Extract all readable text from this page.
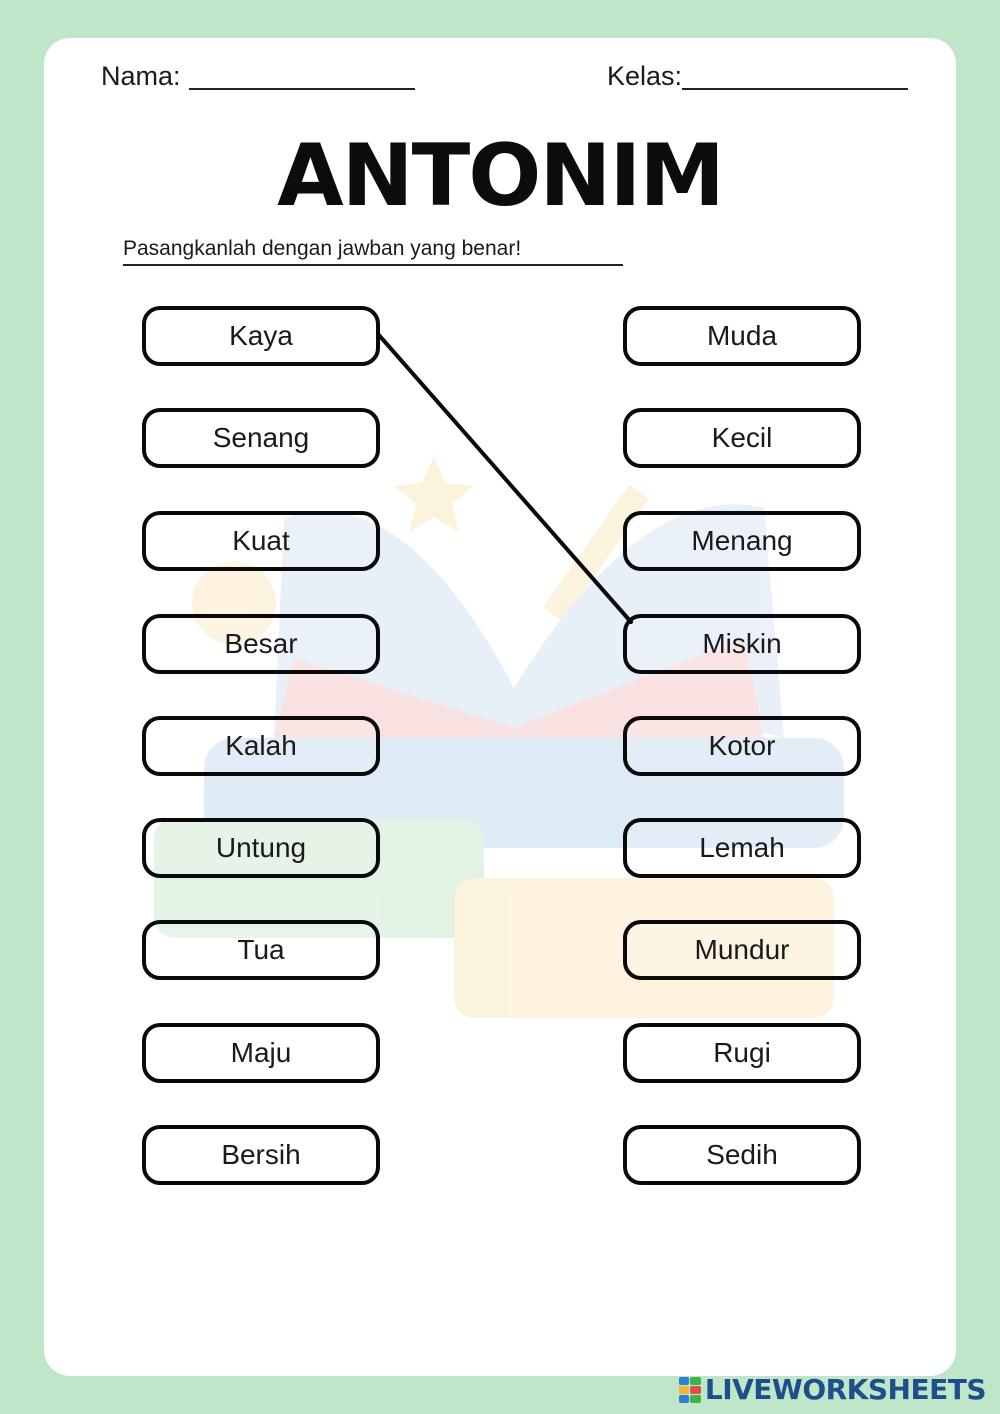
Nama:	Kelas:
ANTONIM
Pasangkanlah dengan jawban yang benar!
Kaya
Senang
Kuat
Besar
Kalah
Untung
Tua
Maju
Bersih
Muda
Kecil
Menang
Miskin
Kotor
Lemah
Mundur
Rugi
Sedih
LIVEWORKSHEETS
